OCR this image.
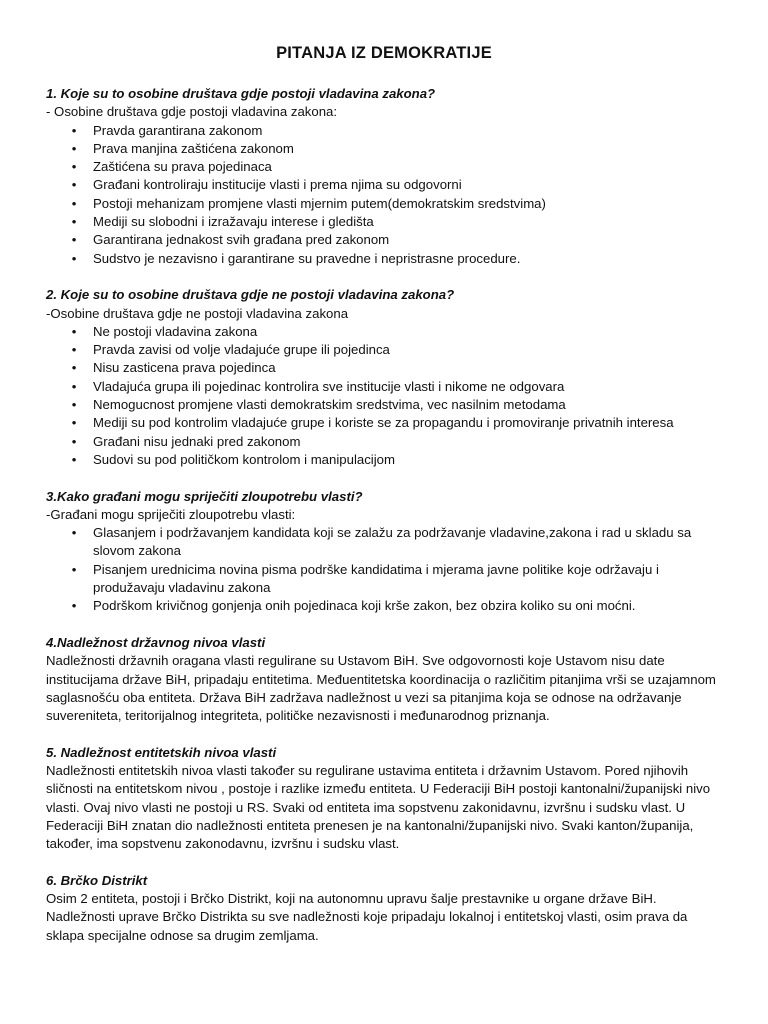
PITANJA IZ DEMOKRATIJE
1. Koje su to osobine društava gdje postoji vladavina zakona?
- Osobine društava gdje postoji vladavina zakona:
• Pravda garantirana zakonom
• Prava manjina zaštićena zakonom
• Zaštićena su prava pojedinaca
• Građani kontroliraju institucije vlasti i prema njima su odgovorni
• Postoji mehanizam promjene vlasti mjernim putem(demokratskim sredstvima)
• Mediji su slobodni i izražavaju interese i gledišta
• Garantirana jednakost svih građana pred zakonom
• Sudstvo je nezavisno i garantirane su pravedne i nepristrasne procedure.
2. Koje su to osobine društava gdje ne postoji vladavina zakona?
-Osobine društava gdje ne postoji vladavina zakona
• Ne postoji vladavina zakona
• Pravda zavisi od volje vladajuće grupe ili pojedinca
• Nisu zasticena prava pojedinca
• Vladajuća grupa ili pojedinac kontrolira sve institucije vlasti i nikome ne odgovara
• Nemogucnost promjene vlasti demokratskim sredstvima, vec nasilnim metodama
• Mediji su pod kontrolim vladajuće grupe i koriste se za propagandu i promoviranje privatnih interesa
• Građani nisu jednaki pred zakonom
• Sudovi su pod političkom kontrolom i manipulacijom
3.Kako građani mogu spriječiti zloupotrebu vlasti?
-Građani mogu spriječiti zloupotrebu vlasti:
• Glasanjem i podržavanjem kandidata koji se zalažu za podržavanje vladavine,zakona i rad u skladu sa slovom zakona
• Pisanjem urednicima novina pisma podrške kandidatima i mjerama javne politike koje održavaju i produžavaju vladavinu zakona
• Podrškom krivičnog gonjenja onih pojedinaca koji krše zakon, bez obzira koliko su oni moćni.
4.Nadležnost državnog nivoa vlasti
Nadležnosti državnih oragana vlasti regulirane su Ustavom BiH. Sve odgovornosti koje Ustavom nisu date institucijama države BiH, pripadaju entitetima. Međuentitetska koordinacija o različitim pitanjima vrši se uzajamnom saglasnošću oba entiteta. Država BiH zadržava nadležnost u vezi sa pitanjima koja se odnose na održavanje suvereniteta, teritorijalnog integriteta, političke nezavisnosti i međunarodnog priznanja.
5. Nadležnost entitetskih nivoa vlasti
Nadležnosti entitetskih nivoa vlasti također su regulirane ustavima entiteta i državnim Ustavom. Pored njihovih sličnosti na entitetskom nivou , postoje i razlike između entiteta. U Federaciji BiH postoji kantonalni/županijski nivo vlasti. Ovaj nivo vlasti ne postoji u RS. Svaki od entiteta ima sopstvenu zakonidavnu, izvršnu i sudsku vlast. U Federaciji BiH znatan dio nadležnosti entiteta prenesen je na kantonalni/županijski nivo. Svaki kanton/županija, također, ima sopstvenu zakonodavnu, izvršnu i sudsku vlast.
6. Brčko Distrikt
Osim 2 entiteta, postoji i Brčko Distrikt, koji na autonomnu upravu šalje prestavnike u organe države BiH. Nadležnosti uprave Brčko Distrikta su sve nadležnosti koje pripadaju lokalnoj i entitetskoj vlasti, osim prava da sklapa specijalne odnose sa drugim zemljama.
